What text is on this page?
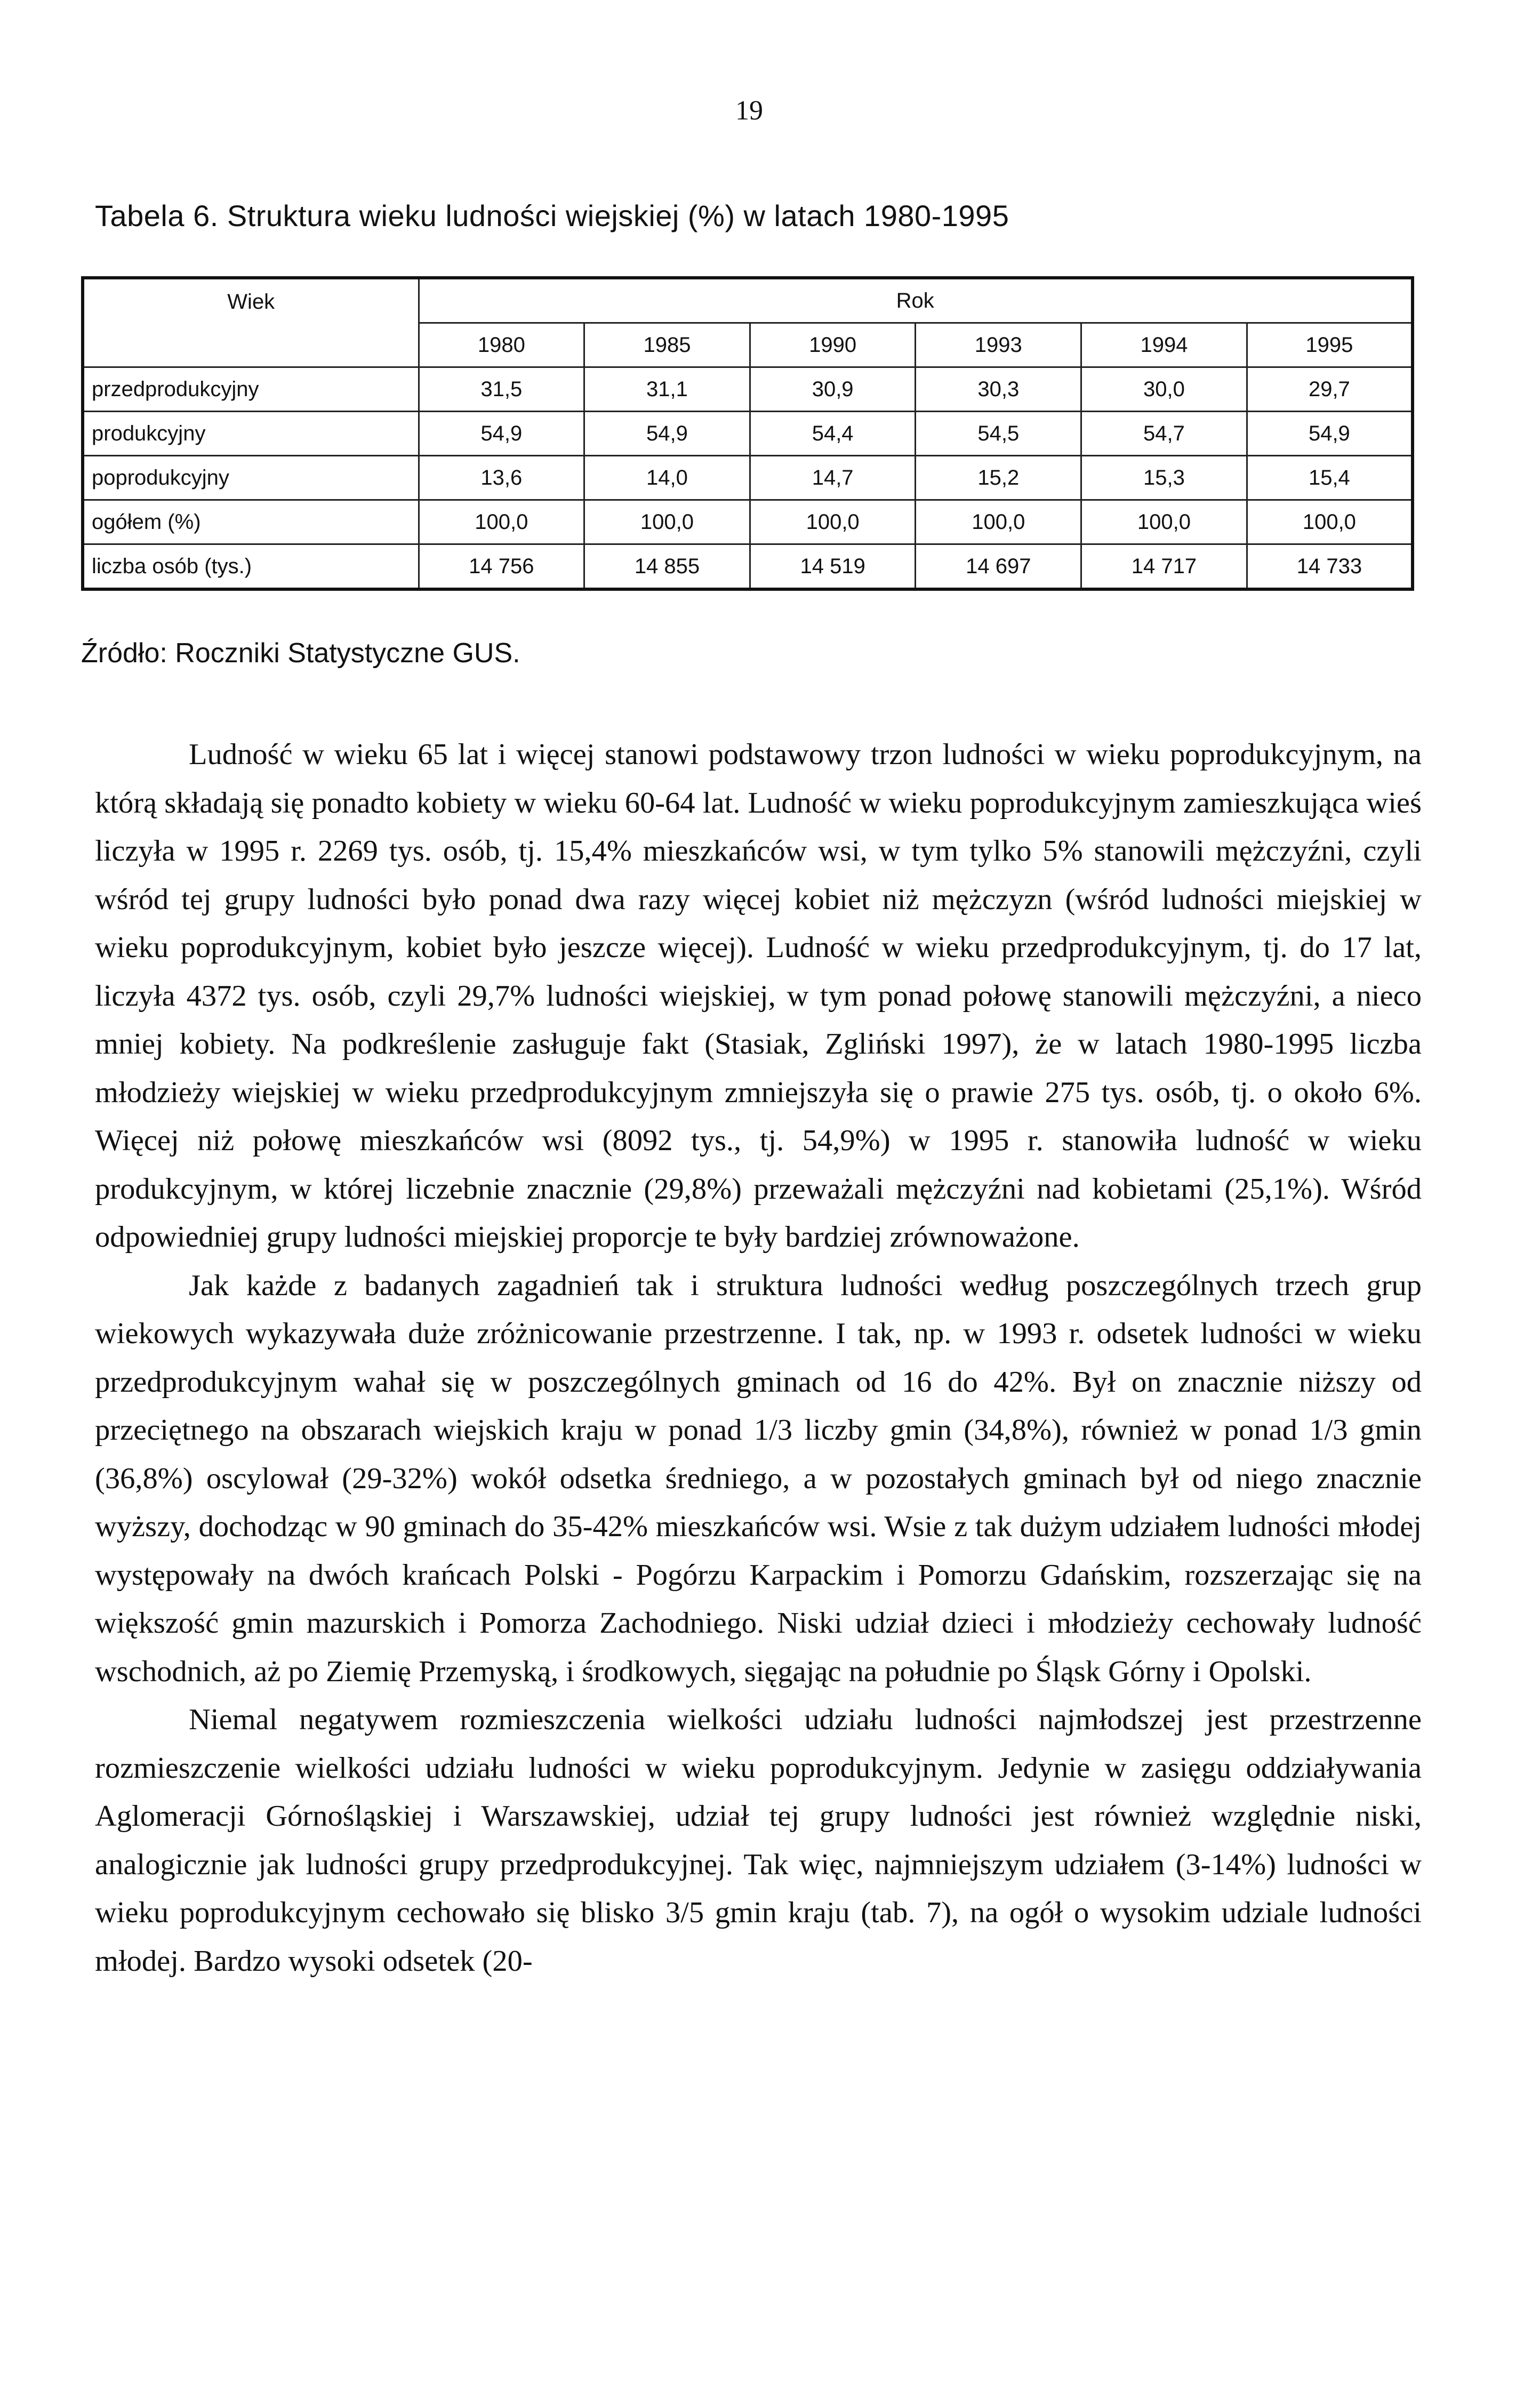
19
Tabela 6. Struktura wieku ludności wiejskiej (%) w latach 1980-1995
Wiek	Rok					
	1980	1985	1990	1993	1994	1995
przedprodukcyjny	31,5	31,1	30,9	30,3	30,0	29,7
produkcyjny	54,9	54,9	54,4	54,5	54,7	54,9
poprodukcyjny	13,6	14,0	14,7	15,2	15,3	15,4
ogółem (%)	100,0	100,0	100,0	100,0	100,0	100,0
liczba osób (tys.)	14 756	14 855	14 519	14 697	14 717	14 733
Źródło: Roczniki Statystyczne GUS.

Ludność w wieku 65 lat i więcej stanowi podstawowy trzon ludności w wieku poprodukcyjnym, na którą składają się ponadto kobiety w wieku 60-64 lat. Ludność w wieku poprodukcyjnym zamieszkująca wieś liczyła w 1995 r. 2269 tys. osób, tj. 15,4% mieszkańców wsi, w tym tylko 5% stanowili mężczyźni, czyli wśród tej grupy ludności było ponad dwa razy więcej kobiet niż mężczyzn (wśród ludności miejskiej w wieku poprodukcyjnym, kobiet było jeszcze więcej). Ludność w wieku przedprodukcyjnym, tj. do 17 lat, liczyła 4372 tys. osób, czyli 29,7% ludności wiejskiej, w tym ponad połowę stanowili mężczyźni, a nieco mniej kobiety. Na podkreślenie zasługuje fakt (Stasiak, Zgliński 1997), że w latach 1980-1995 liczba młodzieży wiejskiej w wieku przedprodukcyjnym zmniejszyła się o prawie 275 tys. osób, tj. o około 6%. Więcej niż połowę mieszkańców wsi (8092 tys., tj. 54,9%) w 1995 r. stanowiła ludność w wieku produkcyjnym, w której liczebnie znacznie (29,8%) przeważali mężczyźni nad kobietami (25,1%). Wśród odpowiedniej grupy ludności miejskiej proporcje te były bardziej zrównoważone.

Jak każde z badanych zagadnień tak i struktura ludności według poszczególnych trzech grup wiekowych wykazywała duże zróżnicowanie przestrzenne. I tak, np. w 1993 r. odsetek ludności w wieku przedprodukcyjnym wahał się w poszczególnych gminach od 16 do 42%. Był on znacznie niższy od przeciętnego na obszarach wiejskich kraju w ponad 1/3 liczby gmin (34,8%), również w ponad 1/3 gmin (36,8%) oscylował (29-32%) wokół odsetka średniego, a w pozostałych gminach był od niego znacznie wyższy, dochodząc w 90 gminach do 35-42% mieszkańców wsi. Wsie z tak dużym udziałem ludności młodej występowały na dwóch krańcach Polski - Pogórzu Karpackim i Pomorzu Gdańskim, rozszerzając się na większość gmin mazurskich i Pomorza Zachodniego. Niski udział dzieci i młodzieży cechowały ludność wschodnich, aż po Ziemię Przemyską, i środkowych, sięgając na południe po Śląsk Górny i Opolski.

Niemal negatywem rozmieszczenia wielkości udziału ludności najmłodszej jest przestrzenne rozmieszczenie wielkości udziału ludności w wieku poprodukcyjnym. Jedynie w zasięgu oddziaływania Aglomeracji Górnośląskiej i Warszawskiej, udział tej grupy ludności jest również względnie niski, analogicznie jak ludności grupy przedprodukcyjnej. Tak więc, najmniejszym udziałem (3-14%) ludności w wieku poprodukcyjnym cechowało się blisko 3/5 gmin kraju (tab. 7), na ogół o wysokim udziale ludności młodej. Bardzo wysoki odsetek (20-
